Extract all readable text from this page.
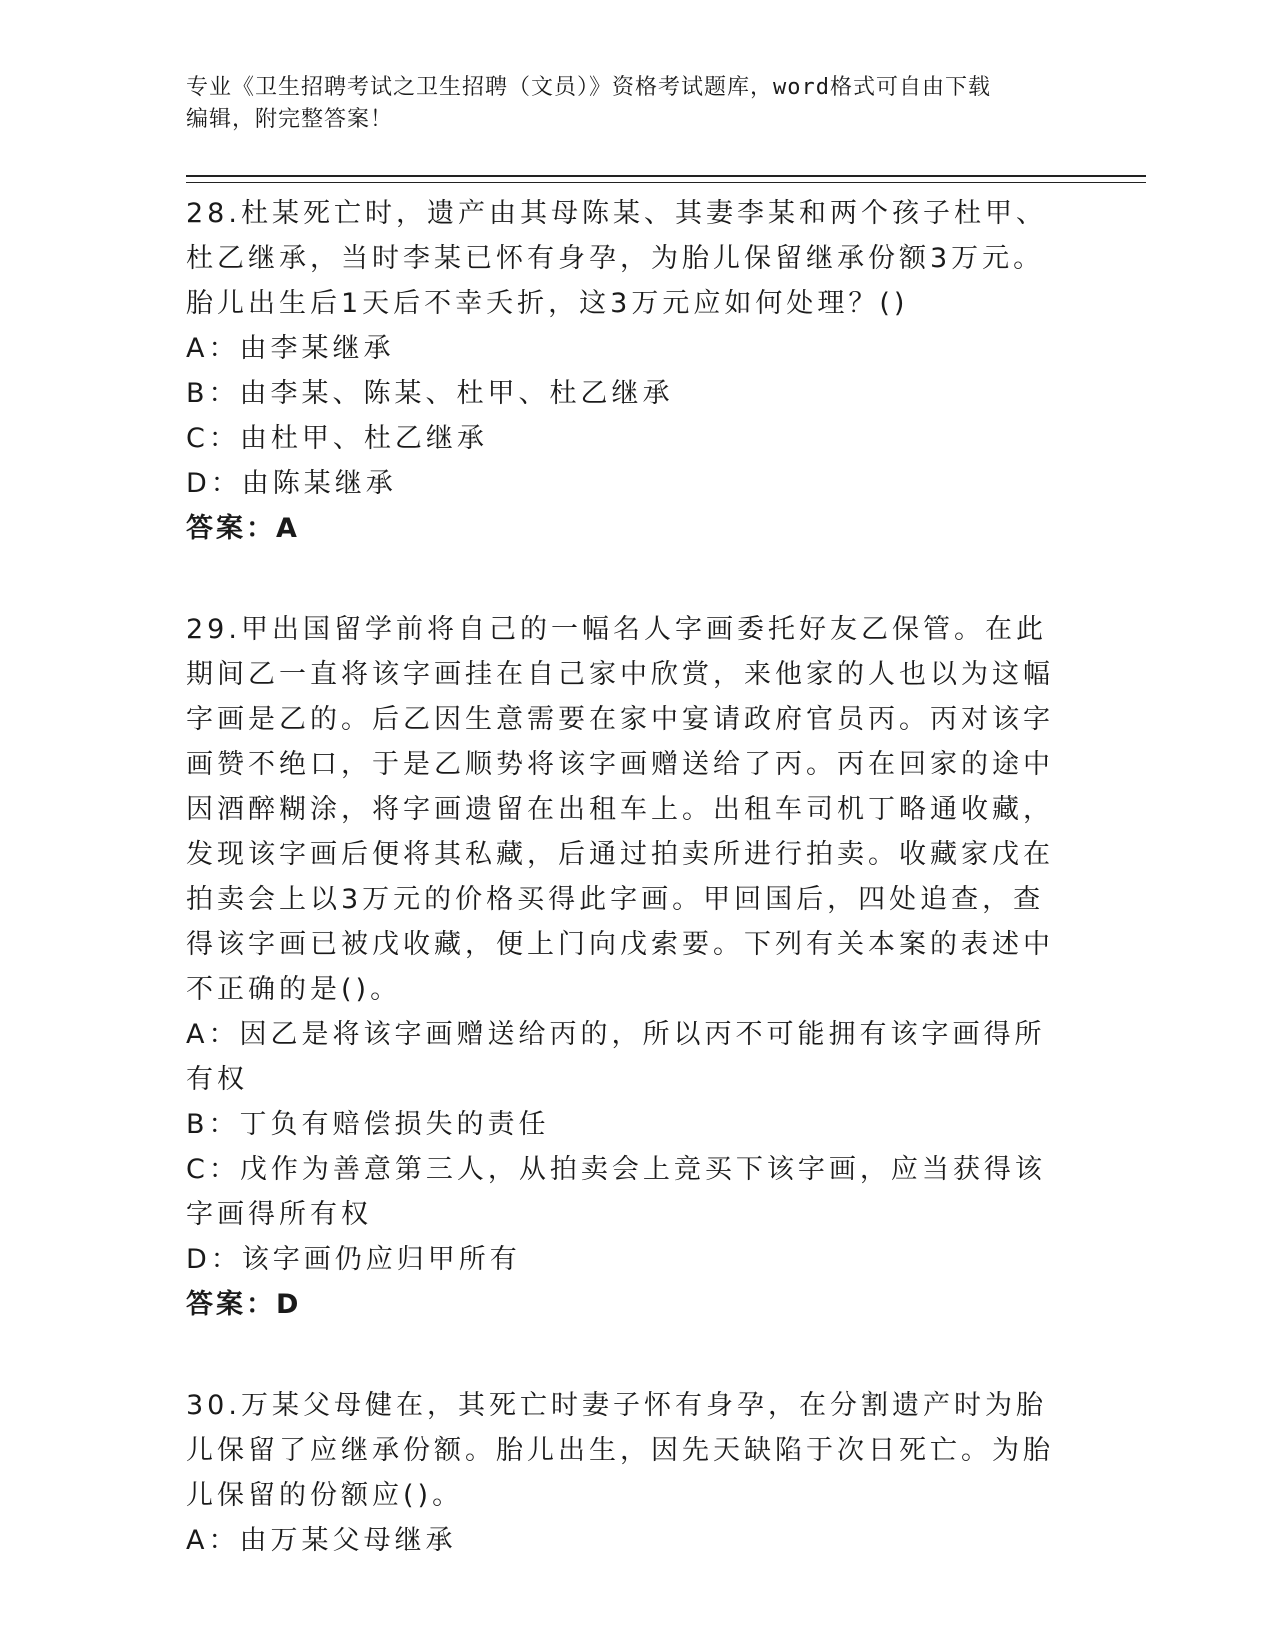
专业《卫生招聘考试之卫生招聘（文员）》资格考试题库，word格式可自由下载
编辑，附完整答案！

28.杜某死亡时，遗产由其母陈某、其妻李某和两个孩子杜甲、杜乙继承，当时李某已怀有身孕，为胎儿保留继承份额3万元。胎儿出生后1天后不幸夭折，这3万元应如何处理？()

A：由李某继承

B：由李某、陈某、杜甲、杜乙继承

C：由杜甲、杜乙继承

D：由陈某继承

答案：A

29.甲出国留学前将自己的一幅名人字画委托好友乙保管。在此期间乙一直将该字画挂在自己家中欣赏，来他家的人也以为这幅字画是乙的。后乙因生意需要在家中宴请政府官员丙。丙对该字画赞不绝口，于是乙顺势将该字画赠送给了丙。丙在回家的途中因酒醉糊涂，将字画遗留在出租车上。出租车司机丁略通收藏，发现该字画后便将其私藏，后通过拍卖所进行拍卖。收藏家戊在拍卖会上以3万元的价格买得此字画。甲回国后，四处追查，查得该字画已被戊收藏，便上门向戊索要。下列有关本案的表述中不正确的是()。

A：因乙是将该字画赠送给丙的，所以丙不可能拥有该字画得所有权

B：丁负有赔偿损失的责任

C：戊作为善意第三人，从拍卖会上竞买下该字画，应当获得该字画得所有权

D：该字画仍应归甲所有

答案：D

30.万某父母健在，其死亡时妻子怀有身孕，在分割遗产时为胎儿保留了应继承份额。胎儿出生，因先天缺陷于次日死亡。为胎儿保留的份额应()。

A：由万某父母继承
